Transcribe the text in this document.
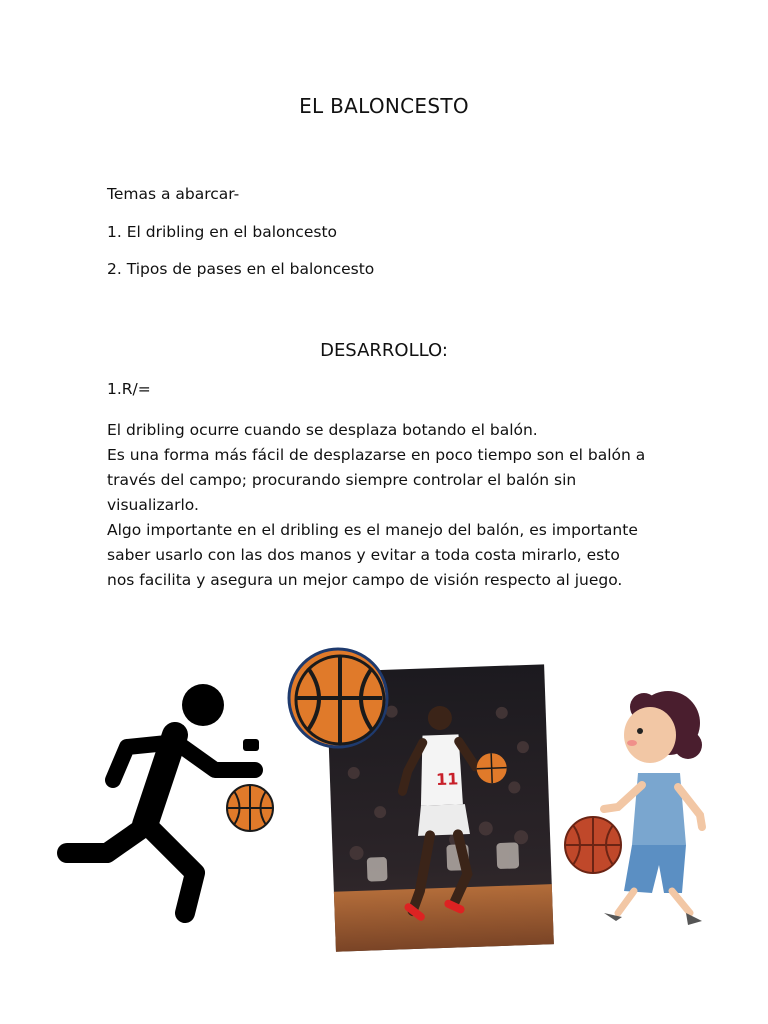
EL BALONCESTO
Temas a abarcar-
1. El dribling en el baloncesto
2. Tipos de pases en el baloncesto
DESARROLLO:
1.R/=
El dribling ocurre cuando se desplaza botando el balón.
Es una forma más fácil de desplazarse en poco tiempo son el balón a
través del campo; procurando siempre controlar el balón sin
visualizarlo.
Algo importante en el dribling es el manejo del balón, es importante
saber usarlo con las dos manos y evitar a toda costa mirarlo, esto
nos facilita y asegura un mejor campo de visión respecto al juego.
11
